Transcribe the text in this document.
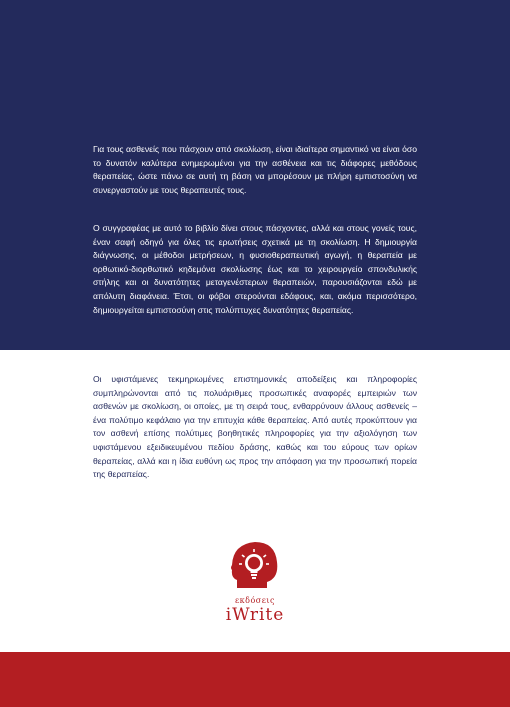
Για τους ασθενείς που πάσχουν από σκολίωση, είναι ιδιαίτερα σημαντικό να είναι όσο το δυνατόν καλύτερα ενημερωμένοι για την ασθένεια και τις διάφορες μεθόδους θεραπείας, ώστε πάνω σε αυτή τη βάση να μπορέσουν με πλήρη εμπιστοσύνη να συνεργαστούν με τους θεραπευτές τους.

Ο συγγραφέας με αυτό το βιβλίο δίνει στους πάσχοντες, αλλά και στους γονείς τους, έναν σαφή οδηγό για όλες τις ερωτήσεις σχετικά με τη σκολίωση. Η δημιουργία διάγνωσης, οι μέθοδοι μετρήσεων, η φυσιοθεραπευτική αγωγή, η θεραπεία με ορθωτικό-διορθωτικό κηδεμόνα σκολίωσης έως και το χειρουργείο σπονδυλικής στήλης και οι δυνατότητες μεταγενέστερων θεραπειών, παρουσιάζονται εδώ με απόλυτη διαφάνεια. Έτσι, οι φόβοι στερούνται εδάφους, και, ακόμα περισσότερο, δημιουργείται εμπιστοσύνη στις πολύπτυχες δυνατότητες θεραπείας.

Οι υφιστάμενες τεκμηριωμένες επιστημονικές αποδείξεις και πληροφορίες συμπληρώνονται από τις πολυάριθμες προσωπικές αναφορές εμπειριών των ασθενών με σκολίωση, οι οποίες, με τη σειρά τους, ενθαρρύνουν άλλους ασθενείς – ένα πολύτιμο κεφάλαιο για την επιτυχία κάθε θεραπείας. Από αυτές προκύπτουν για τον ασθενή επίσης πολύτιμες βοηθητικές πληροφορίες για την αξιολόγηση των υφιστάμενου εξειδικευμένου πεδίου δράσης, καθώς και του εύρους των ορίων θεραπείας, αλλά και η ίδια ευθύνη ως προς την απόφαση για την προσωπική πορεία της θεραπείας.

εκδόσεις
iWrite
